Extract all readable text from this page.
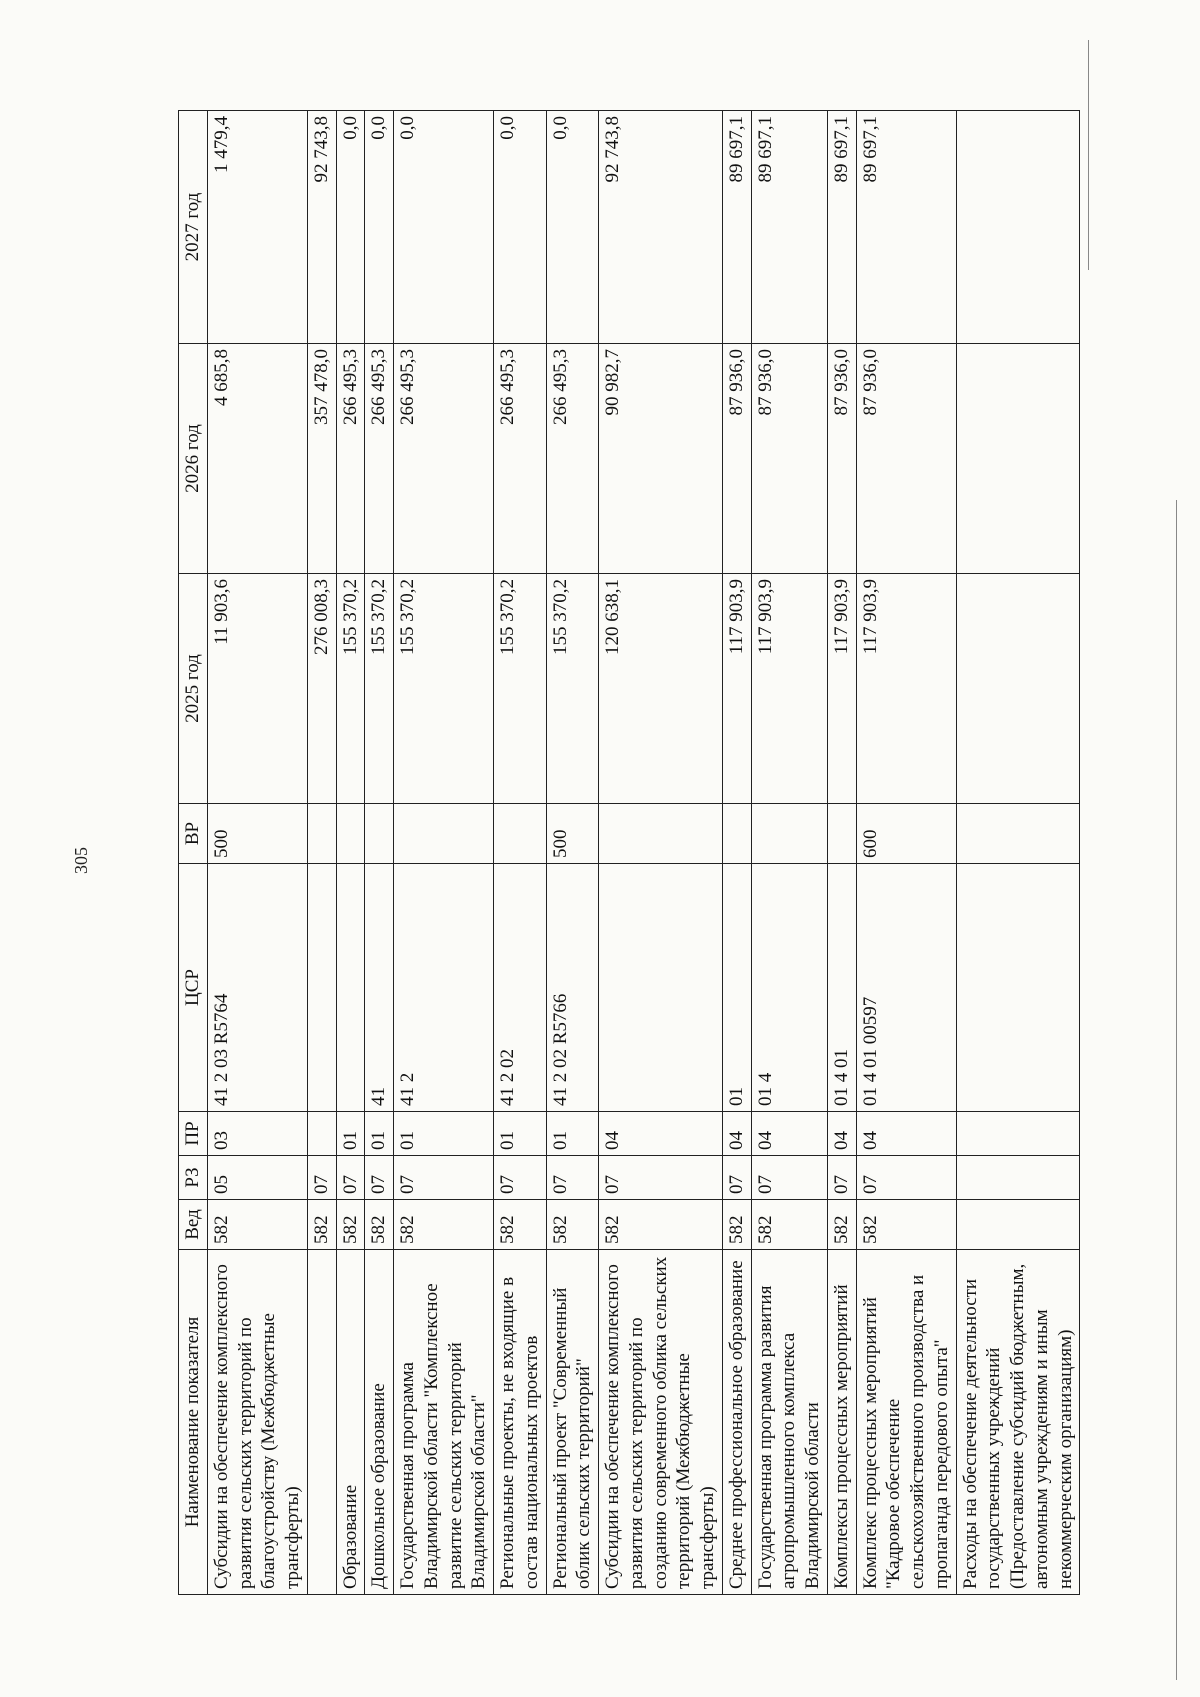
305
Наименование показателя	Вед	РЗ	ПР	ЦСР	ВР	2025 год	2026 год	2027 год
Субсидии на обеспечение комплексного развития сельских территорий по благоустройству (Межбюджетные трансферты)	582	05	03	41 2 03 R5764	500	11 903,6	4 685,8	1 479,4
	582	07				276 008,3	357 478,0	92 743,8
Образование	582	07	01			155 370,2	266 495,3	0,0
Дошкольное образование	582	07	01	41		155 370,2	266 495,3	0,0
Государственная программа Владимирской области "Комплексное развитие сельских территорий Владимирской области"	582	07	01	41 2		155 370,2	266 495,3	0,0
Региональные проекты, не входящие в состав национальных проектов	582	07	01	41 2 02		155 370,2	266 495,3	0,0
Региональный проект "Современный облик сельских территорий"	582	07	01	41 2 02 R5766	500	155 370,2	266 495,3	0,0
Субсидии на обеспечение комплексного развития сельских территорий по созданию современного облика сельских территорий (Межбюджетные трансферты)	582	07	04			120 638,1	90 982,7	92 743,8
Среднее профессиональное образование	582	07	04	01		117 903,9	87 936,0	89 697,1
Государственная программа развития агропромышленного комплекса Владимирской области	582	07	04	01 4		117 903,9	87 936,0	89 697,1
Комплексы процессных мероприятий	582	07	04	01 4 01		117 903,9	87 936,0	89 697,1
Комплекс процессных мероприятий "Кадровое обеспечение сельскохозяйственного производства и пропаганда передового опыта"	582	07	04	01 4 01 00597	600	117 903,9	87 936,0	89 697,1
Расходы на обеспечение деятельности государственных учреждений (Предоставление субсидий бюджетным, автономным учреждениям и иным некоммерческим организациям)								
